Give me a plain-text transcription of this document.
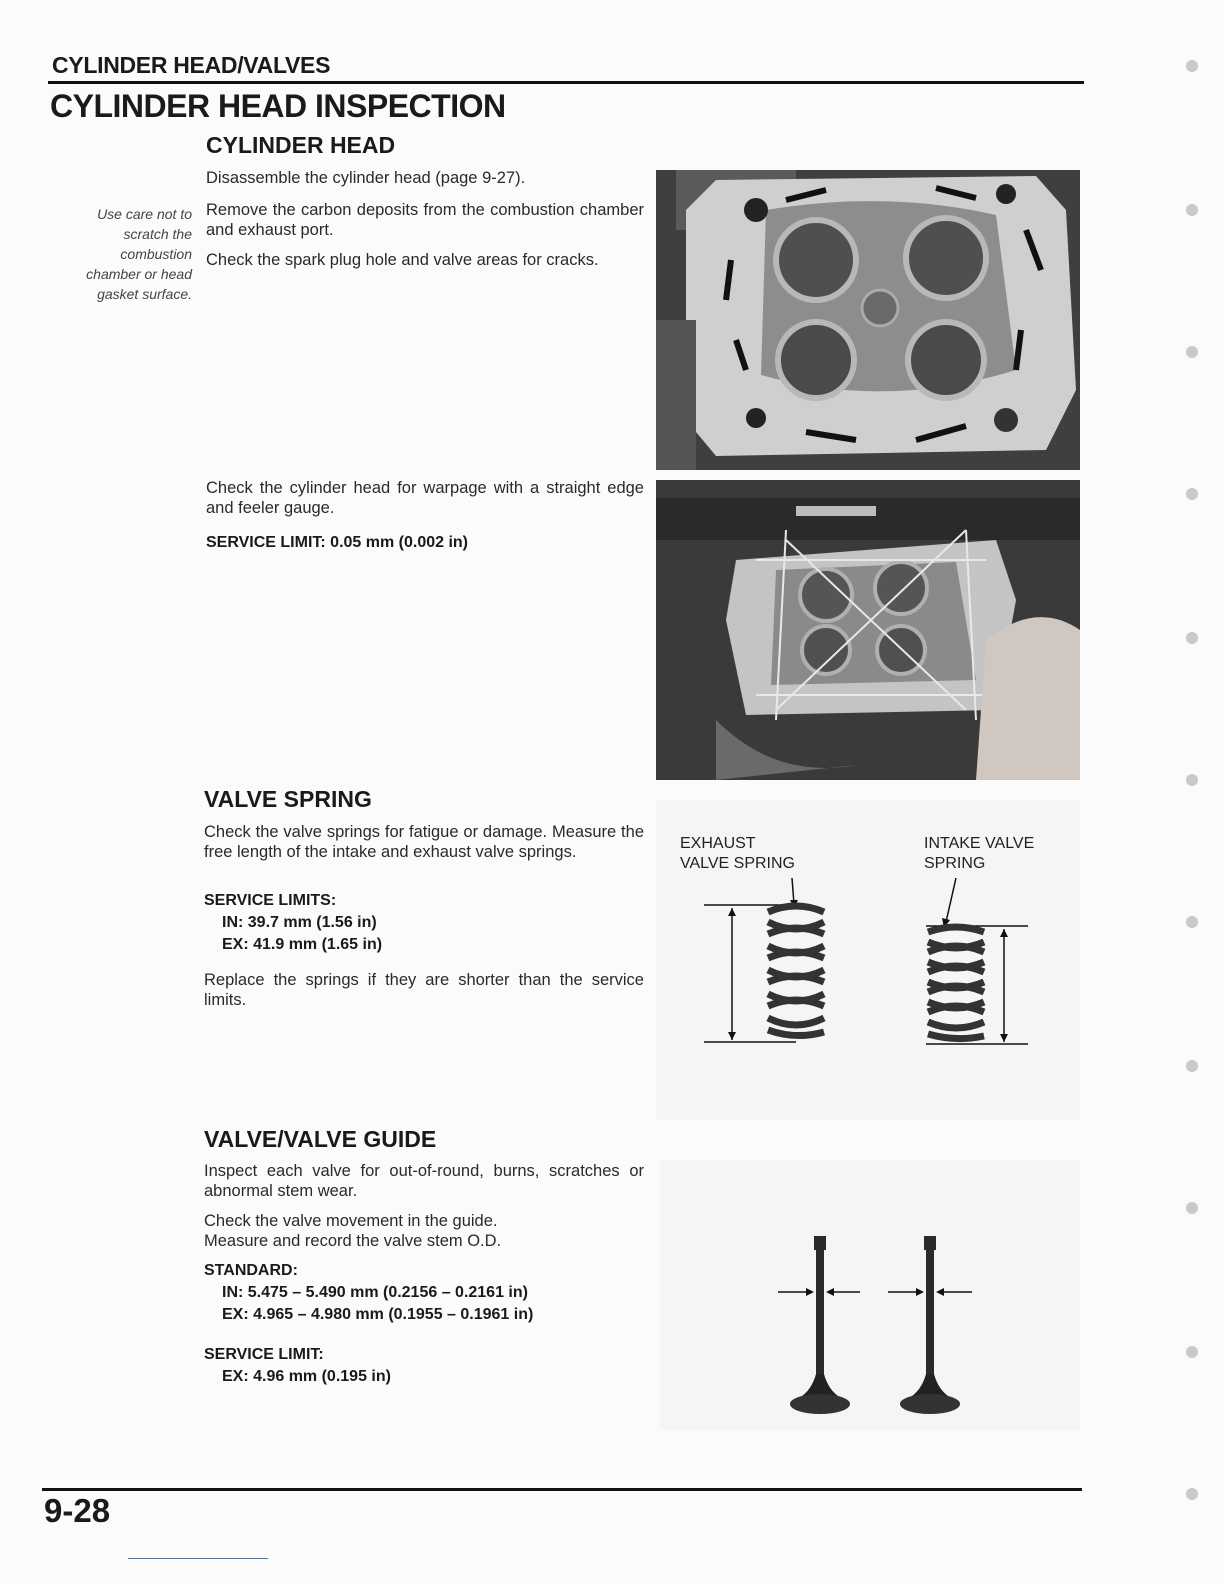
CYLINDER HEAD/VALVES
CYLINDER HEAD INSPECTION
CYLINDER HEAD
Disassemble the cylinder head (page 9-27).
Remove the carbon deposits from the combustion chamber and exhaust port.
Check the spark plug hole and valve areas for cracks.
Use care not to
scratch the
combustion
chamber or head
gasket surface.
Check the cylinder head for warpage with a straight edge and feeler gauge.
SERVICE LIMIT: 0.05 mm (0.002 in)
VALVE SPRING
Check the valve springs for fatigue or damage. Measure the free length of the intake and exhaust valve springs.
SERVICE LIMITS:
IN: 39.7 mm (1.56 in)
EX: 41.9 mm (1.65 in)
Replace the springs if they are shorter than the service limits.
EXHAUST
VALVE SPRING
INTAKE VALVE
SPRING
VALVE/VALVE GUIDE
Inspect each valve for out-of-round, burns, scratches or abnormal stem wear.
Check the valve movement in the guide.
Measure and record the valve stem O.D.
STANDARD:
IN: 5.475 – 5.490 mm (0.2156 – 0.2161 in)
EX: 4.965 – 4.980 mm (0.1955 – 0.1961 in)
SERVICE LIMIT:
EX: 4.96 mm (0.195 in)
9-28
